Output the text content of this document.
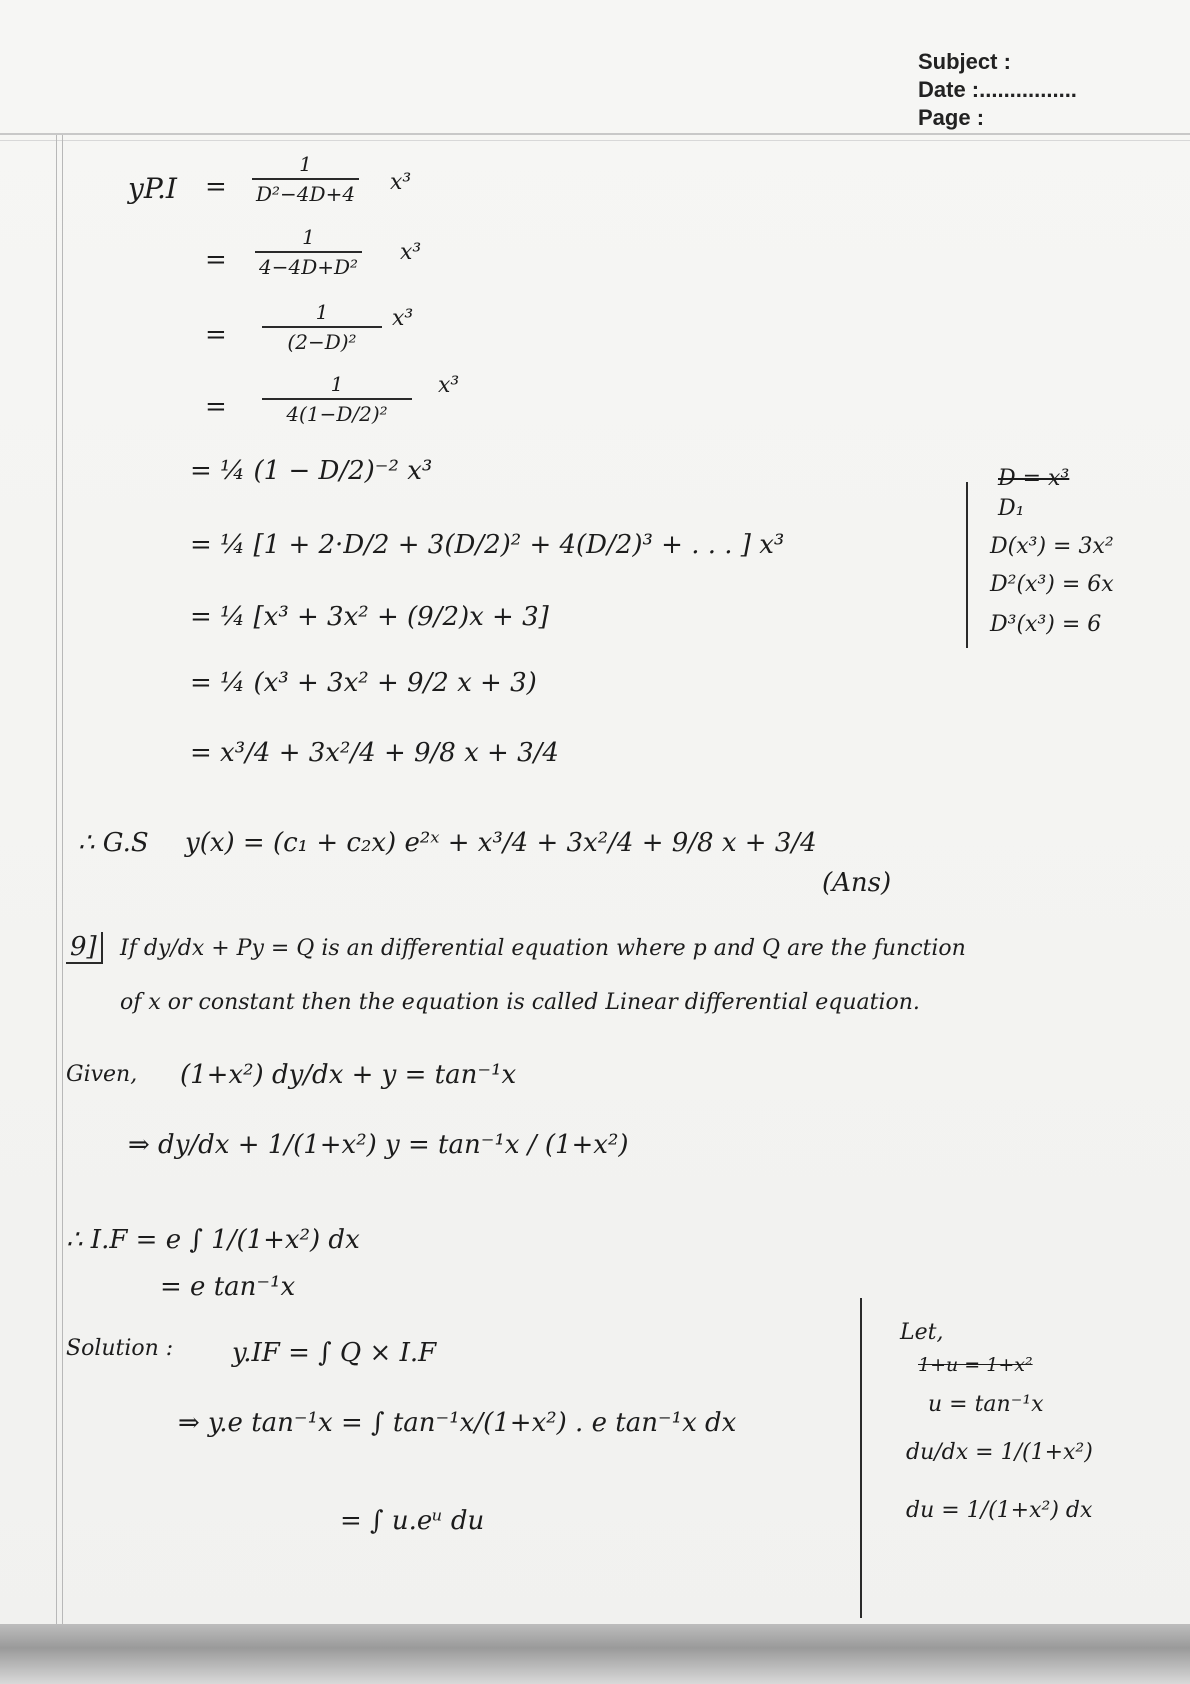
Subject :
Date :................
Page :
yP.I =
1
D²−4D+4 x³
=
1
4−4D+D²
x³
=
1
(2−D)²
x³
=
1
4(1−D/2)²
x³
= ¼ (1 − D/2)⁻² x³
= ¼ [1 + 2·D/2 + 3(D/2)² + 4(D/2)³ + . . . ] x³
= ¼ [x³ + 3x² + (9/2)x + 3]
= ¼ (x³ + 3x² + 9/2 x + 3)
= x³/4 + 3x²/4 + 9/8 x + 3/4
D = x³
D₁
D(x³) = 3x²
D²(x³) = 6x
D³(x³) = 6
∴ G.S y(x) = (c₁ + c₂x) e²ˣ + x³/4 + 3x²/4 + 9/8 x + 3/4
(Ans)
9] If dy/dx + Py = Q is an differential equation where p and Q are the function
of x or constant then the equation is called Linear differential equation.
Given, (1+x²) dy/dx + y = tan⁻¹x
⇒ dy/dx + 1/(1+x²) y = tan⁻¹x / (1+x²)
∴ I.F = e ∫ 1/(1+x²) dx
= e tan⁻¹x
Solution : y.IF = ∫ Q × I.F
⇒ y.e tan⁻¹x = ∫ tan⁻¹x/(1+x²) . e tan⁻¹x dx
= ∫ u.eᵘ du
Let,
1+u = 1+x²
u = tan⁻¹x
du/dx = 1/(1+x²)
du = 1/(1+x²) dx
